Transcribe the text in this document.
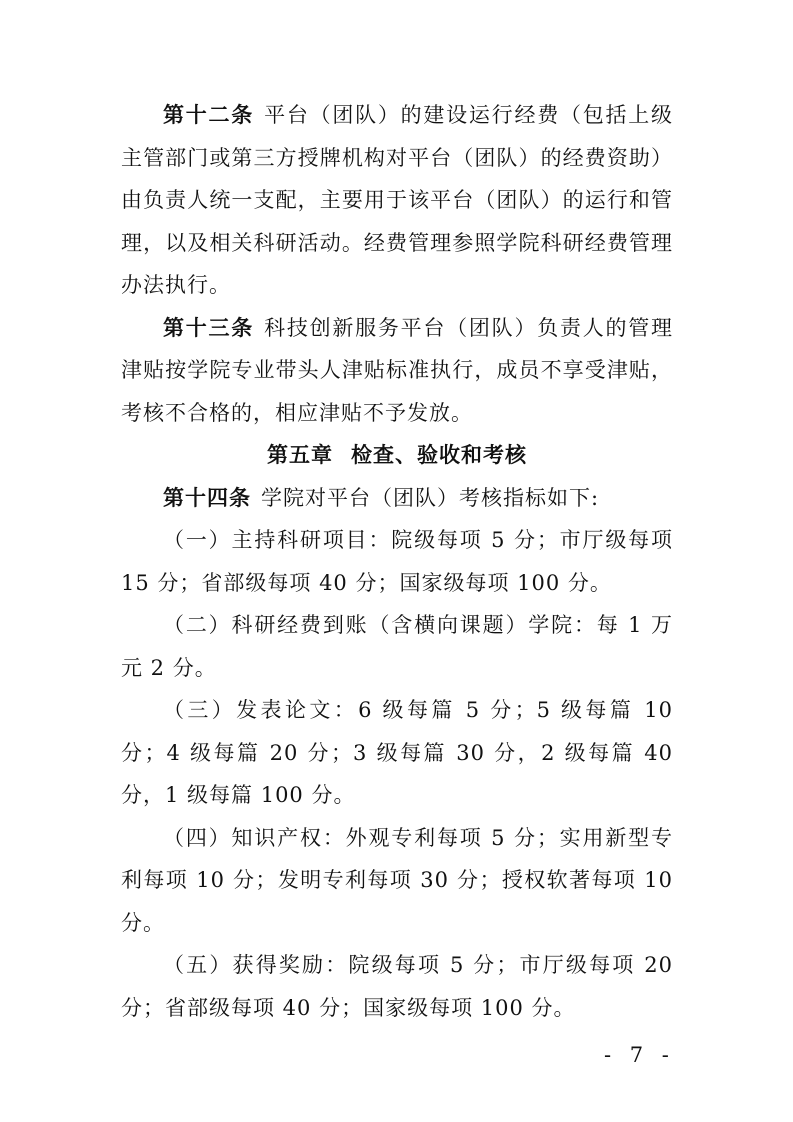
第十二条 平台（团队）的建设运行经费（包括上级主管部门或第三方授牌机构对平台（团队）的经费资助）由负责人统一支配，主要用于该平台（团队）的运行和管理，以及相关科研活动。经费管理参照学院科研经费管理办法执行。

第十三条 科技创新服务平台（团队）负责人的管理津贴按学院专业带头人津贴标准执行，成员不享受津贴，考核不合格的，相应津贴不予发放。

第五章 检查、验收和考核

第十四条 学院对平台（团队）考核指标如下:

（一）主持科研项目：院级每项 5 分；市厅级每项 15 分；省部级每项 40 分；国家级每项 100 分。

（二）科研经费到账（含横向课题）学院：每 1 万元 2 分。

（三）发表论文：6 级每篇 5 分；5 级每篇 10 分；4 级每篇 20 分；3 级每篇 30 分，2 级每篇 40 分，1 级每篇 100 分。

（四）知识产权：外观专利每项 5 分；实用新型专利每项 10 分；发明专利每项 30 分；授权软著每项 10 分。

（五）获得奖励：院级每项 5 分；市厅级每项 20 分；省部级每项 40 分；国家级每项 100 分。

- 7 -
